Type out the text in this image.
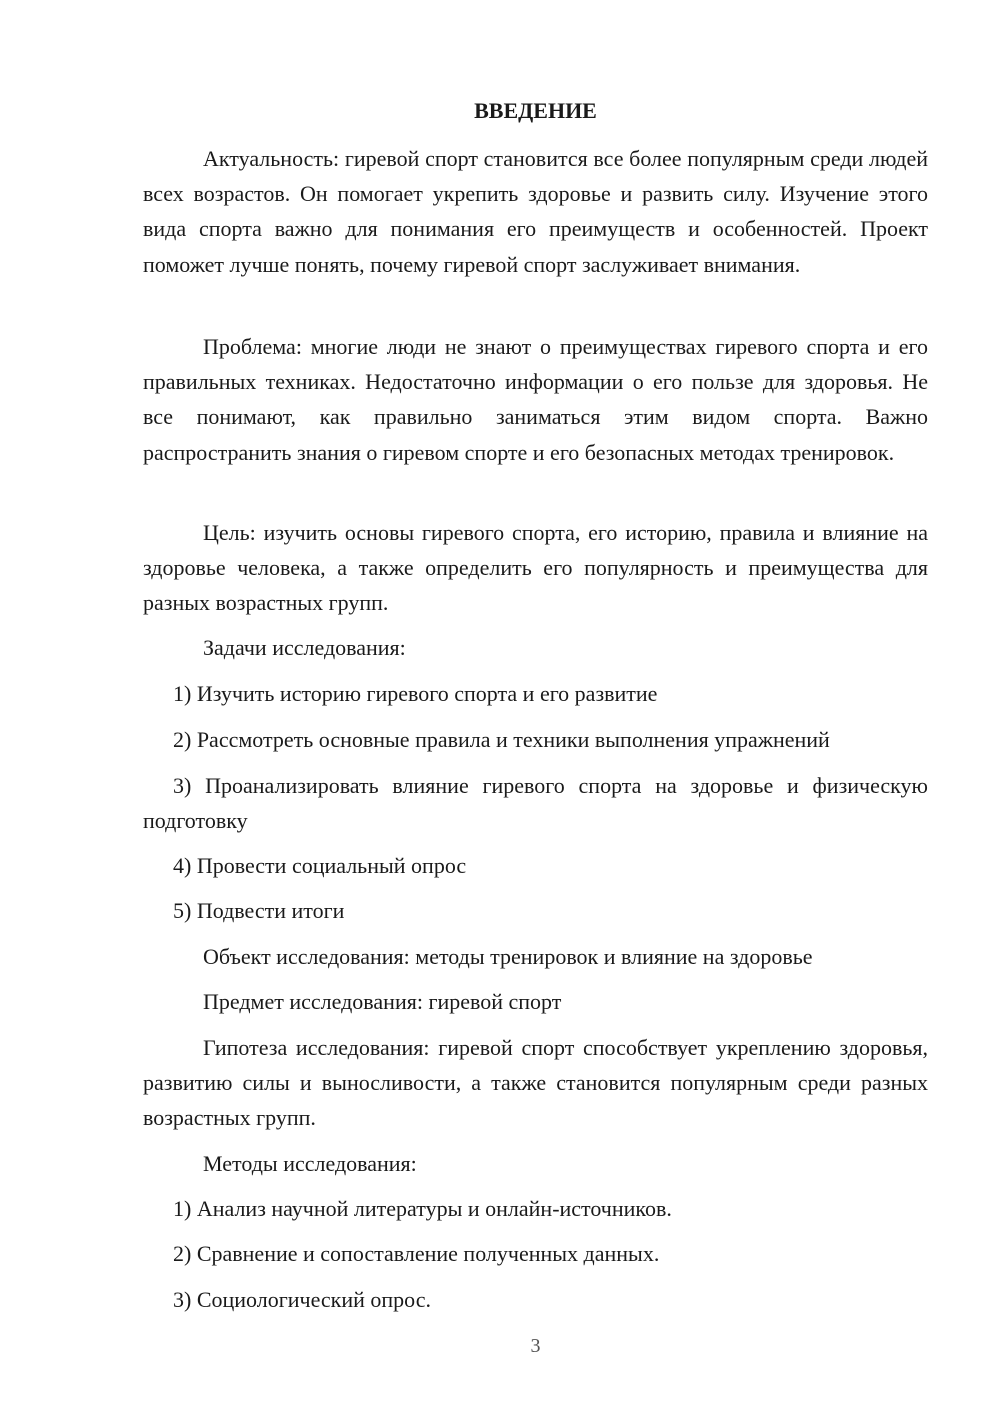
ВВЕДЕНИЕ

Актуальность: гиревой спорт становится все более популярным среди людей всех возрастов. Он помогает укрепить здоровье и развить силу. Изучение этого вида спорта важно для понимания его преимуществ и особенностей. Проект поможет лучше понять, почему гиревой спорт заслуживает внимания.

Проблема: многие люди не знают о преимуществах гиревого спорта и его правильных техниках. Недостаточно информации о его пользе для здоровья. Не все понимают, как правильно заниматься этим видом спорта. Важно распространить знания о гиревом спорте и его безопасных методах тренировок.

Цель: изучить основы гиревого спорта, его историю, правила и влияние на здоровье человека, а также определить его популярность и преимущества для разных возрастных групп.

Задачи исследования:

1) Изучить историю гиревого спорта и его развитие

2) Рассмотреть основные правила и техники выполнения упражнений

3) Проанализировать влияние гиревого спорта на здоровье и физическую подготовку

4) Провести социальный опрос

5) Подвести итоги

Объект исследования: методы тренировок и влияние на здоровье

Предмет исследования: гиревой спорт

Гипотеза исследования: гиревой спорт способствует укреплению здоровья, развитию силы и выносливости, а также становится популярным среди разных возрастных групп.

Методы исследования:

1) Анализ научной литературы и онлайн-источников.

2) Сравнение и сопоставление полученных данных.

3) Социологический опрос.

3
